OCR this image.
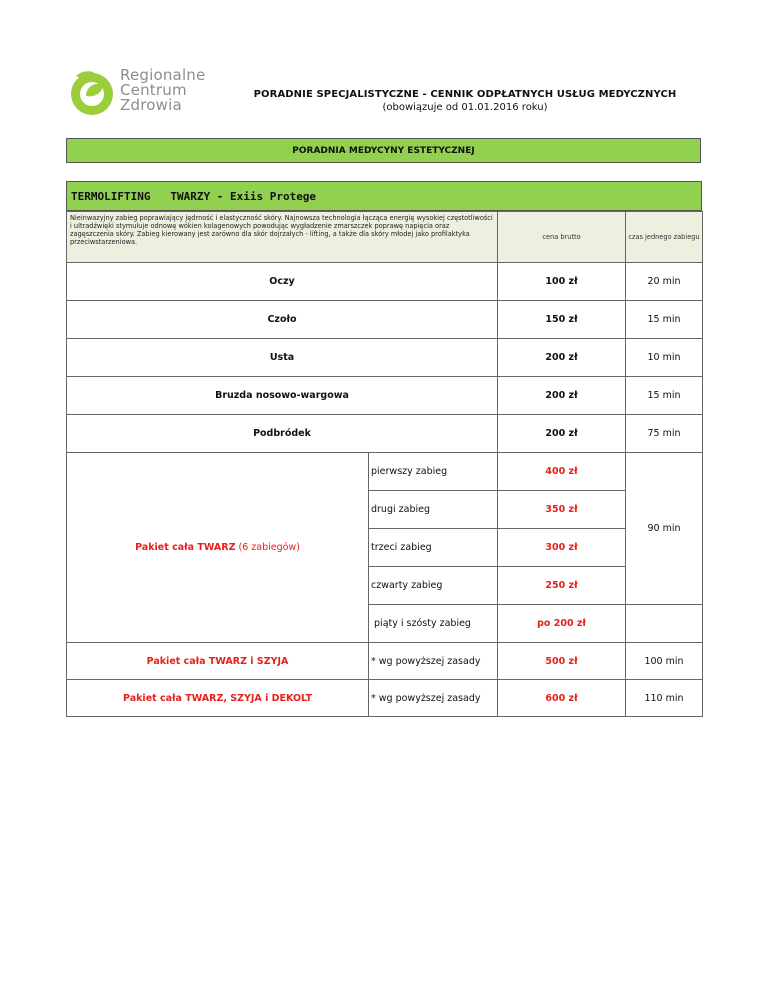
Regionalne
Centrum
Zdrowia
PORADNIE SPECJALISTYCZNE - CENNIK ODPŁATNYCH USŁUG MEDYCZNYCH
(obowiązuje od 01.01.2016 roku)
PORADNIA MEDYCYNY ESTETYCZNEJ
TERMOLIFTING
TWARZY - Exiis Protege
Nieinwazyjny zabieg poprawiający jędrność i elastyczność skóry. Najnowsza technologia łącząca energię wysokiej częstotliwości i ultradźwięki stymuluje odnowę wókien kolagenowych powodując wygładzenie zmarszczek poprawę napięcia oraz zagęszczenia skóry. Zabieg kierowany jest zarówno dla skór dojrzałych - lifting, a także dla skóry młodej jako profilaktyka przeciwstarzeniowa.		cena brutto	czas jednego zabiegu
Oczy		100 zł	20 min
Czoło		150 zł	15 min
Usta		200 zł	10 min
Bruzda nosowo-wargowa		200 zł	15 min
Podbródek		200 zł	75 min
Pakiet cała TWARZ (6 zabiegów)	pierwszy zabieg	400 zł	90 min
	drugi zabieg	350 zł	
	trzeci zabieg	300 zł	
	czwarty zabieg	250 zł	
	piąty i szósty zabieg	po 200 zł	
Pakiet cała TWARZ i SZYJA	* wg powyższej zasady	500 zł	100 min
Pakiet cała TWARZ, SZYJA i DEKOLT	* wg powyższej zasady	600 zł	110 min
